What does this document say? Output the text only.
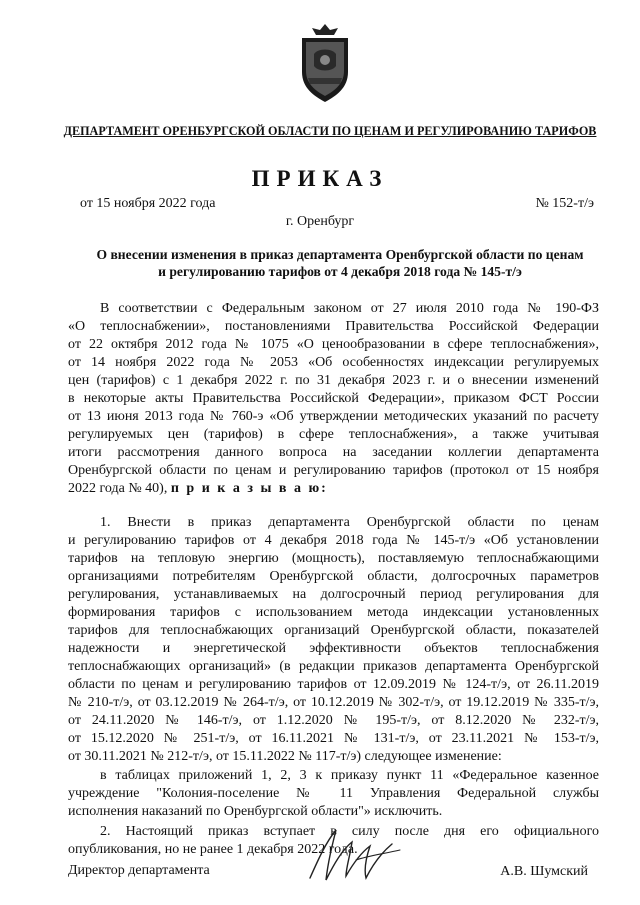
ДЕПАРТАМЕНТ ОРЕНБУРГСКОЙ ОБЛАСТИ ПО ЦЕНАМ И РЕГУЛИРОВАНИЮ ТАРИФОВ
ПРИКАЗ
от 15 ноября 2022 года	№ 152-т/э
г. Оренбург
О внесении изменения в приказ департамента Оренбургской области по ценам
и регулированию тарифов от 4 декабря 2018 года № 145-т/э
В соответствии с Федеральным законом от 27 июля 2010 года № 190-ФЗ
«О теплоснабжении», постановлениями Правительства Российской Федерации
от 22 октября 2012 года № 1075 «О ценообразовании в сфере теплоснабжения»,
от 14 ноября 2022 года № 2053 «Об особенностях индексации регулируемых
цен (тарифов) с 1 декабря 2022 г. по 31 декабря 2023 г. и о внесении изменений
в некоторые акты Правительства Российской Федерации», приказом ФСТ России
от 13 июня 2013 года № 760-э «Об утверждении методических указаний по расчету
регулируемых цен (тарифов) в сфере теплоснабжения», а также учитывая
итоги рассмотрения данного вопроса на заседании коллегии департамента
Оренбургской области по ценам и регулированию тарифов (протокол от 15 ноября
2022 года № 40), п р и к а з ы в а ю:
1. Внести в приказ департамента Оренбургской области по ценам
и регулированию тарифов от 4 декабря 2018 года № 145-т/э «Об установлении
тарифов на тепловую энергию (мощность), поставляемую теплоснабжающими
организациями потребителям Оренбургской области, долгосрочных параметров
регулирования, устанавливаемых на долгосрочный период регулирования для
формирования тарифов с использованием метода индексации установленных
тарифов для теплоснабжающих организаций Оренбургской области, показателей
надежности и энергетической эффективности объектов теплоснабжения
теплоснабжающих организаций» (в редакции приказов департамента Оренбургской
области по ценам и регулированию тарифов от 12.09.2019 № 124-т/э, от 26.11.2019
№ 210-т/э, от 03.12.2019 № 264-т/э, от 10.12.2019 № 302-т/э, от 19.12.2019 № 335-т/э,
от 24.11.2020 № 146-т/э, от 1.12.2020 № 195-т/э, от 8.12.2020 № 232-т/э,
от 15.12.2020 № 251-т/э, от 16.11.2021 № 131-т/э, от 23.11.2021 № 153-т/э,
от 30.11.2021 № 212-т/э, от 15.11.2022 № 117-т/э) следующее изменение:
в таблицах приложений 1, 2, 3 к приказу пункт 11 «Федеральное казенное
учреждение "Колония-поселение № 11 Управления Федеральной службы
исполнения наказаний по Оренбургской области"» исключить.
2. Настоящий приказ вступает в силу после дня его официального
опубликования, но не ранее 1 декабря 2022 года.
Директор департамента	А.В. Шумский
